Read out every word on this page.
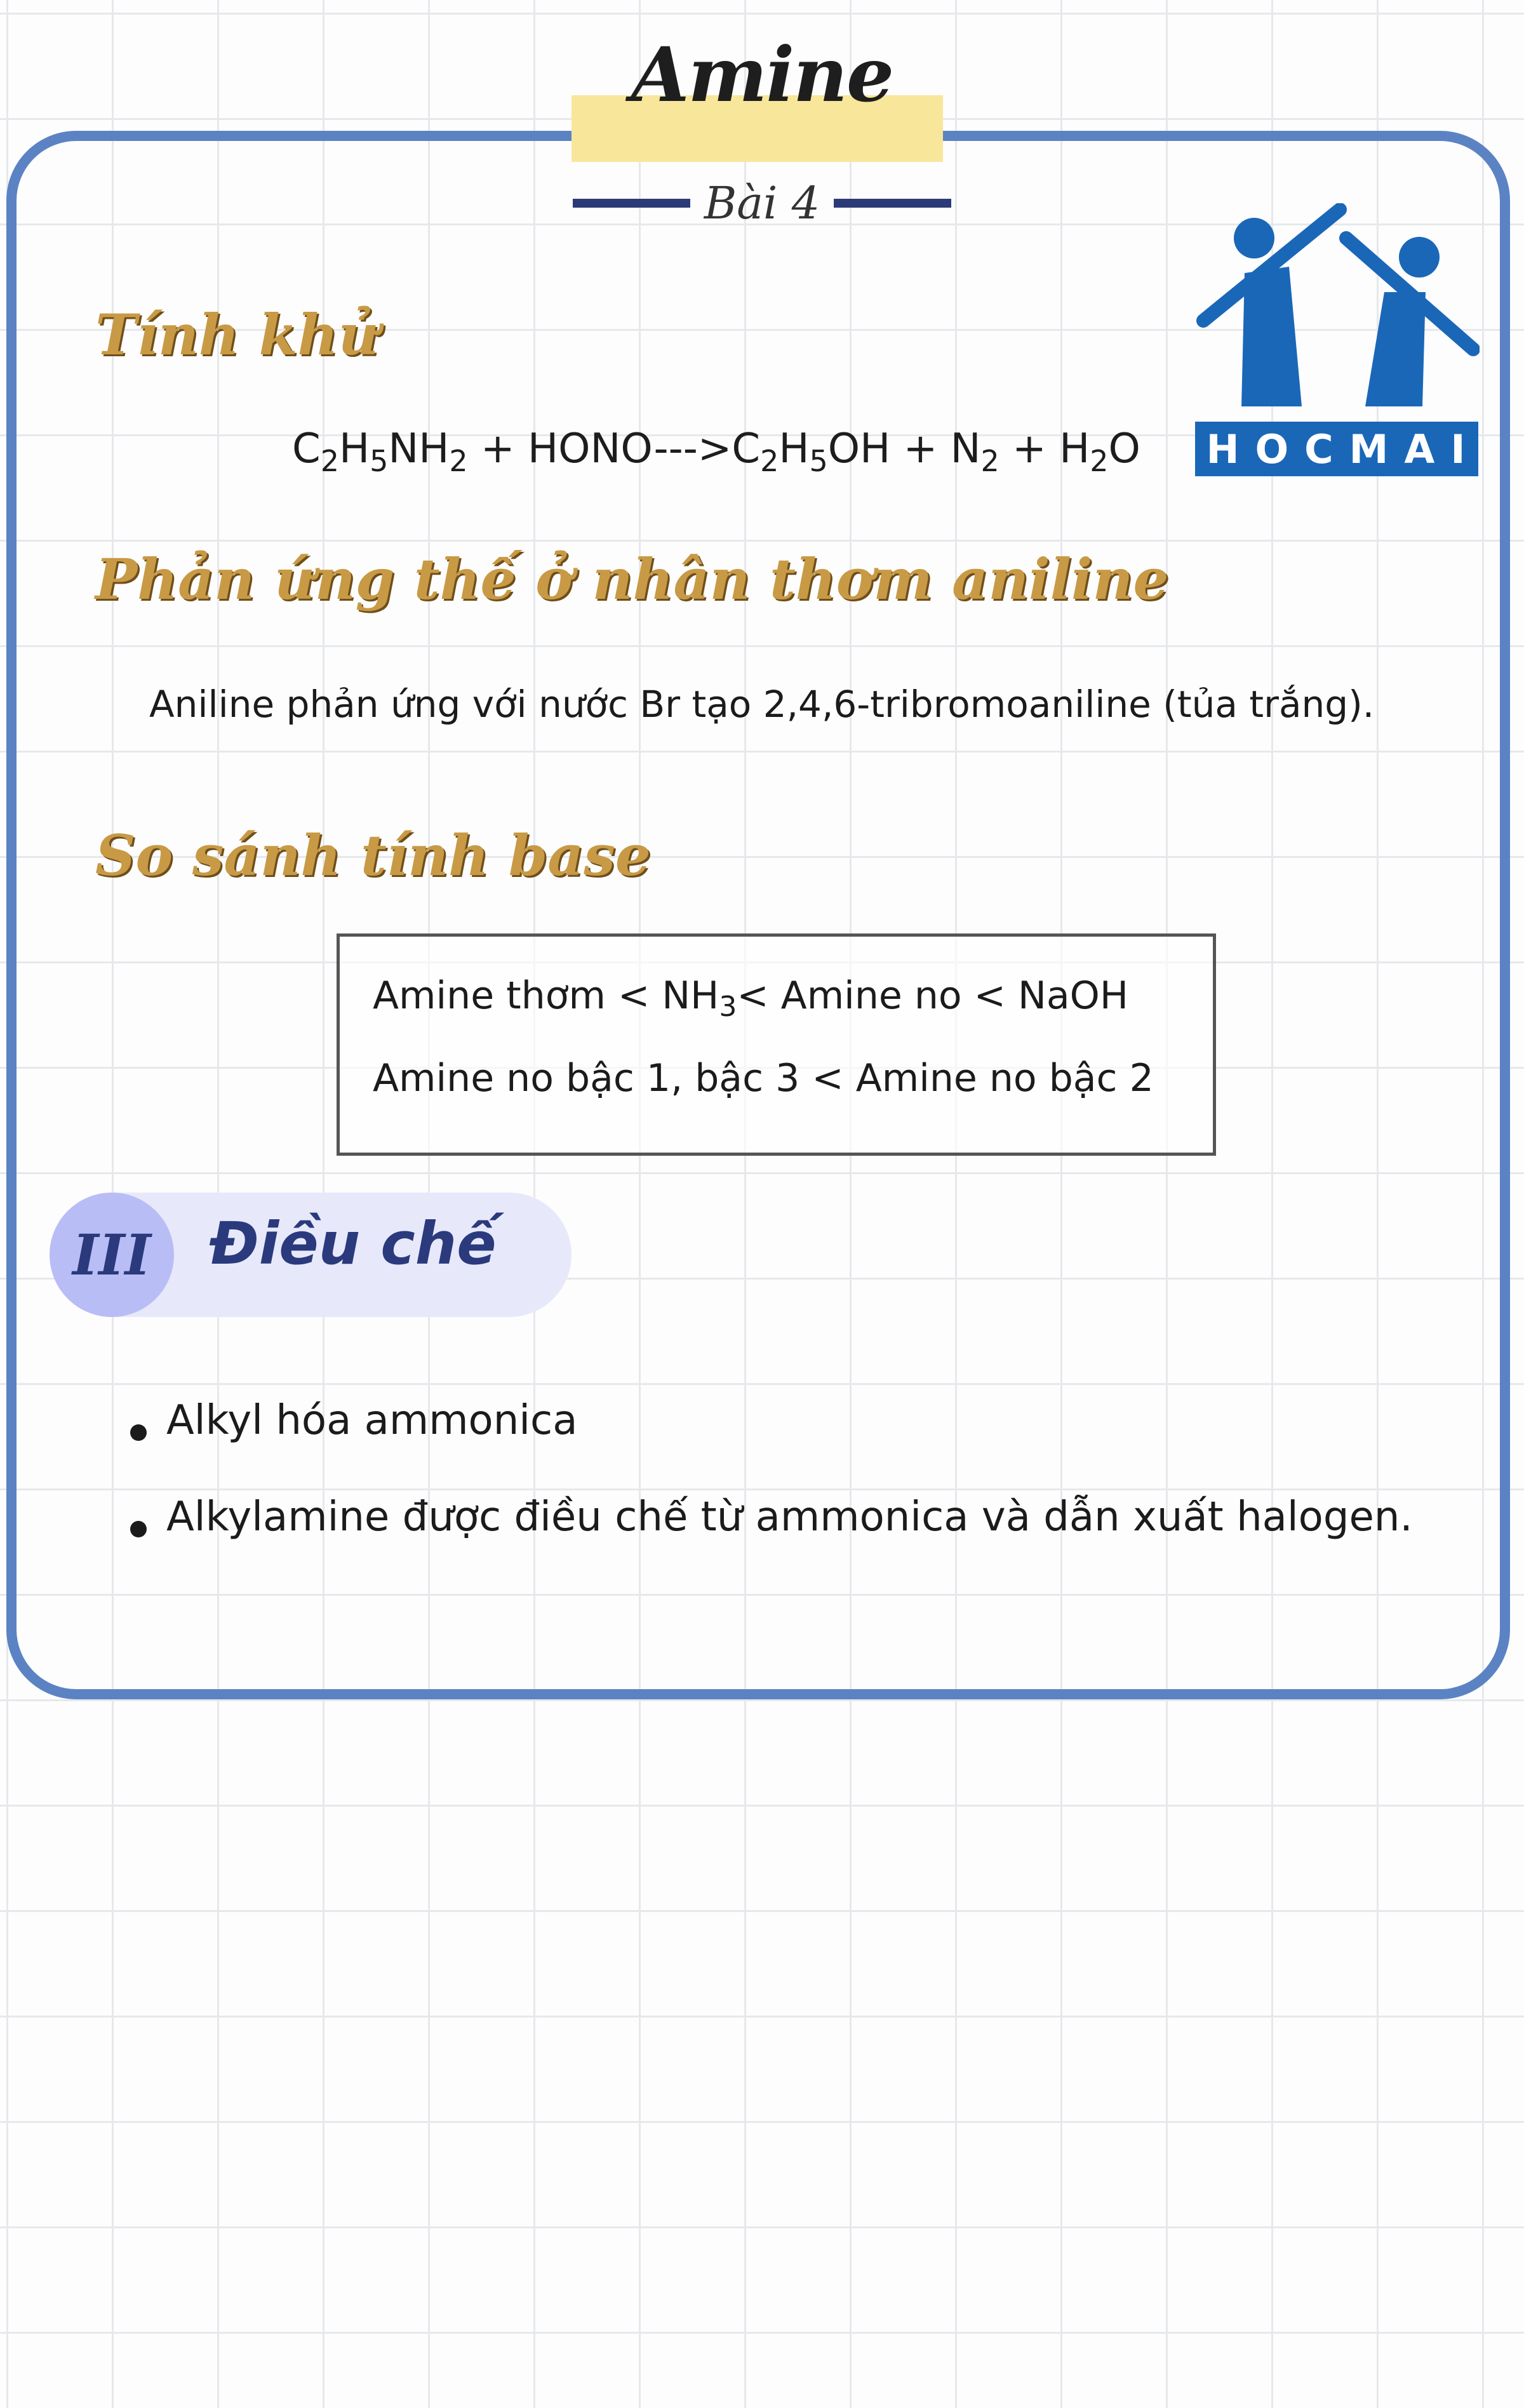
Amine
Bài 4
HOCMAI
Tính khử
$C_2H_5NH_2$ + HONO-$-->C_2H_5OH + N_2 + H_2O$
Phản ứng thế ở nhân thơm aniline
Aniline phản ứng với nước Br tạo 2,4,6-tribromoaniline (tủa trắng).
So sánh tính base
Amine thơm < $NH_3< Amine$ no < NaOH
Amine no bậc 1, bậc 3 < Amine no bậc 2
III	Điều chế
Alkyl hóa ammonica
Alkylamine được điều chế từ ammonica và dẫn xuất halogen.
